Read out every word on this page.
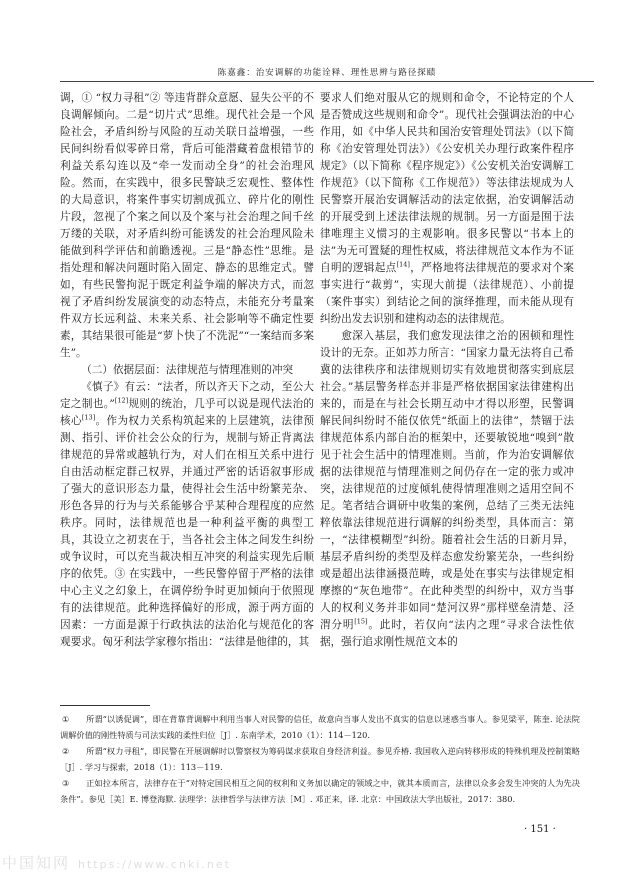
陈嘉鑫：治安调解的功能诠释、理性思辨与路径探赜

调，① “权力寻租”② 等违背群众意愿、显失公平的不良调解倾向。二是“切片式”思维。现代社会是一个风险社会，矛盾纠纷与风险的互动关联日益增强，一些民间纠纷看似零碎日常，背后可能潜藏着盘根错节的利益关系勾连以及“牵一发而动全身”的社会治理风险。然而，在实践中，很多民警缺乏宏观性、整体性的大局意识，将案件事实切割成孤立、碎片化的刚性片段，忽视了个案之间以及个案与社会治理之间千丝万缕的关联，对矛盾纠纷可能诱发的社会治理风险未能做到科学评估和前瞻透视。三是“静态性”思维。是指处理和解决问题时陷入固定、静态的思维定式。譬如，有些民警拘泥于既定利益争端的解决方式，而忽视了矛盾纠纷发展演变的动态特点，未能充分考量案件双方长远利益、未来关系、社会影响等不确定性要素，其结果很可能是“萝卜快了不洗泥”“一案结而多案生”。

（二）依据层面：法律规范与情理准则的冲突

《慎子》有云：“法者，所以齐天下之动，至公大定之制也。”[12]规则的统治，几乎可以说是现代法治的核心[13]。作为权力关系构筑起来的上层建筑，法律预测、指引、评价社会公众的行为，规制与矫正背离法律规范的异常或越轨行为，对人们在相互关系中进行自由活动框定群己权界，并通过严密的话语叙事形成了强大的意识形态力量，使得社会生活中纷繁芜杂、形色各异的行为与关系能够合乎某种合理程度的应然秩序。同时，法律规范也是一种利益平衡的典型工具，其设立之初衷在于，当各社会主体之间发生纠纷或争议时，可以充当裁决相互冲突的利益实现先后顺序的依凭。③ 在实践中，一些民警停留于严格的法律中心主义之幻象上，在调停纷争时更加倾向于依照现有的法律规范。此种选择偏好的形成，源于两方面的因素：一方面是源于行政执法的法治化与规范化的客观要求。匈牙利法学家穆尔指出：“法律是他律的，其

要求人们绝对服从它的规则和命令，不论特定的个人是否赞成这些规则和命令”。现代社会强调法治的中心作用，如《中华人民共和国治安管理处罚法》（以下简称《治安管理处罚法》）《公安机关办理行政案件程序规定》（以下简称《程序规定》）《公安机关治安调解工作规范》（以下简称《工作规范》）等法律法规成为人民警察开展治安调解活动的法定依据，治安调解活动的开展受到上述法律法规的规制。另一方面是囿于法律唯理主义惯习的主观影响。很多民警以“书本上的法”为无可置疑的理性权威，将法律规范文本作为不证自明的逻辑起点[14]，严格地将法律规范的要求对个案事实进行“裁剪”，实现大前提（法律规范）、小前提（案件事实）到结论之间的演绎推理，而未能从现有纠纷出发去识别和建构动态的法律规范。

愈深入基层，我们愈发现法律之治的困顿和理性设计的无奈。正如苏力所言：“国家力量无法将自己希冀的法律秩序和法律规则切实有效地贯彻落实到底层社会。”基层警务样态并非是严格依据国家法律建构出来的，而是在与社会长期互动中才得以形塑，民警调解民间纠纷时不能仅依凭“纸面上的法律”，禁锢于法律规范体系内部自治的框架中，还要敏锐地“嗅到”散见于社会生活中的情理准则。当前，作为治安调解依据的法律规范与情理准则之间仍存在一定的张力或冲突，法律规范的过度倾轧使得情理准则之适用空间不足。笔者结合调研中收集的案例，总结了三类无法纯粹依靠法律规范进行调解的纠纷类型，具体而言：第一，“法律模糊型”纠纷。随着社会生活的日新月异，基层矛盾纠纷的类型及样态愈发纷繁芜杂，一些纠纷或是超出法律涵摄范畴，或是处在事实与法律规定相摩擦的“灰色地带”。在此种类型的纠纷中，双方当事人的权利义务并非如同“楚河汉界”那样壁垒清楚、泾渭分明[15]。此时，若仅向“法内之理”寻求合法性依据，强行追求刚性规范文本的

① 所谓“以诱促调”，即在背靠背调解中利用当事人对民警的信任，故意向当事人发出不真实的信息以迷惑当事人。参见梁平，陈奎. 论法院调解价值的刚性特质与司法实践的柔性归位［J］. 东南学术，2010（1）：114－120.

② 所谓“权力寻租”，即民警在开展调解时以警察权为筹码谋求获取自身经济利益。参见乔椿. 我国收入逆向转移形成的特殊机理及控制策略［J］. 学习与探索，2018（1）：113－119.

③ 正如拉本所言，法律存在于“对特定国民相互之间的权利和义务加以确定的领域之中，就其本质而言，法律以众多会发生冲突的人为先决条件”。参见［美］E. 博登海默. 法理学：法律哲学与法律方法［M］. 邓正来，译. 北京：中国政法大学出版社，2017：380.

· 151 ·
中国知网 https://www.cnki.net
